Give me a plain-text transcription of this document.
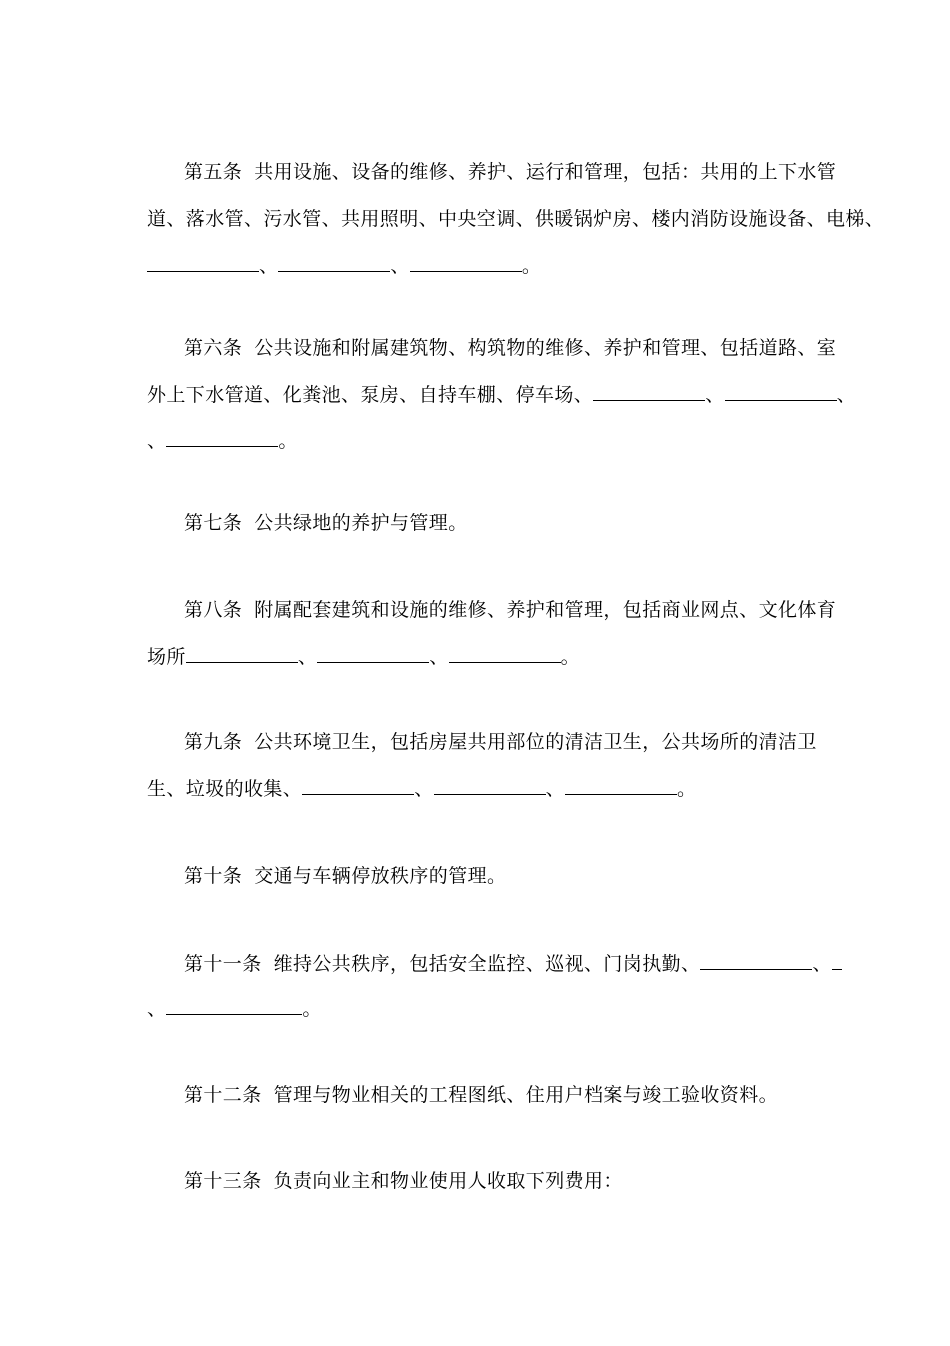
第五条 共用设施、设备的维修、养护、运行和管理，包括：共用的上下水管
道、落水管、污水管、共用照明、中央空调、供暖锅炉房、楼内消防设施设备、电梯、
、	、	。
第六条 公共设施和附属建筑物、构筑物的维修、养护和管理、包括道路、室
外上下水管道、化粪池、泵房、自持车棚、停车场、	、	、
、	。
第七条 公共绿地的养护与管理。
第八条 附属配套建筑和设施的维修、养护和管理，包括商业网点、文化体育
场所	、	、	。
第九条 公共环境卫生，包括房屋共用部位的清洁卫生，公共场所的清洁卫
生、垃圾的收集、	、	、	。
第十条 交通与车辆停放秩序的管理。
第十一条 维持公共秩序，包括安全监控、巡视、门岗执勤、	、
、	。
第十二条 管理与物业相关的工程图纸、住用户档案与竣工验收资料。
第十三条 负责向业主和物业使用人收取下列费用：
